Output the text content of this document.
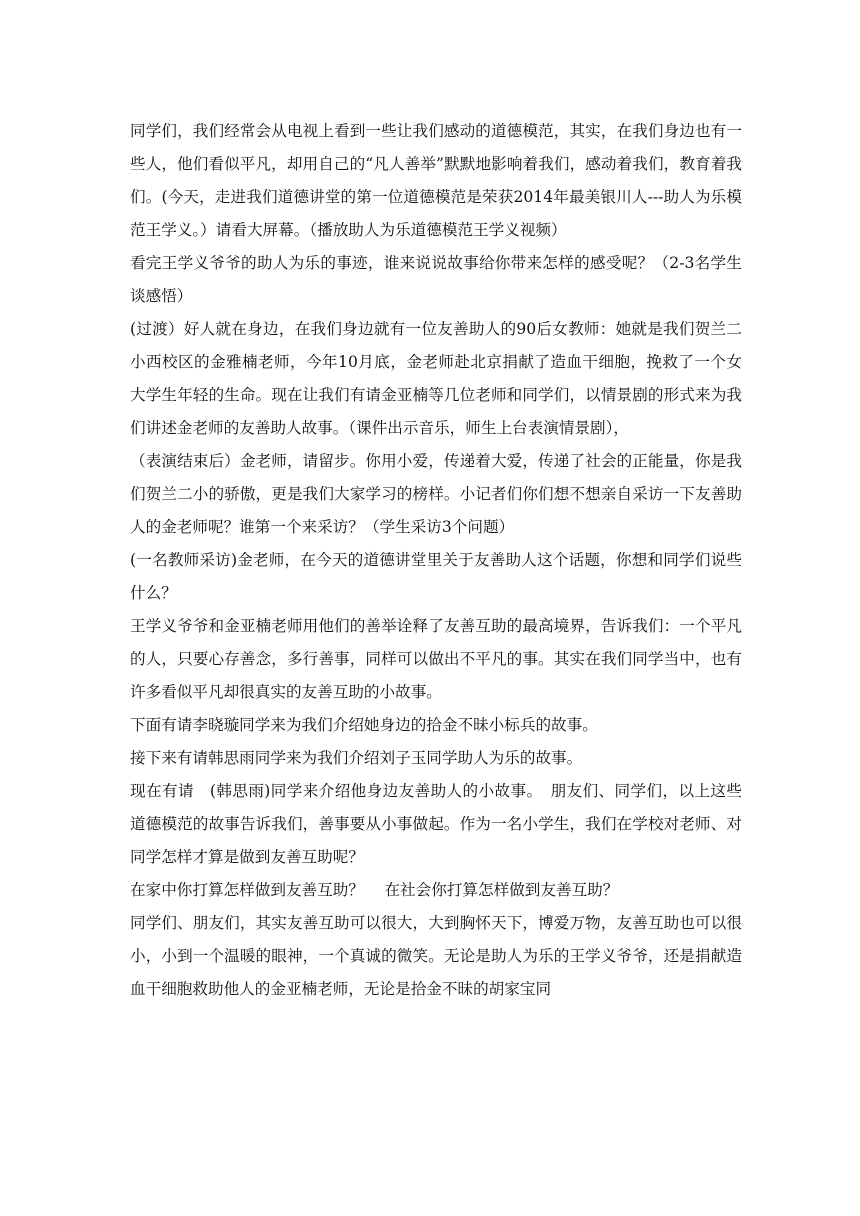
同学们，我们经常会从电视上看到一些让我们感动的道德模范，其实，在我们身边也有一些人，他们看似平凡，却用自己的“凡人善举”默默地影响着我们，感动着我们，教育着我们。(今天，走进我们道德讲堂的第一位道德模范是荣获2014年最美银川人---助人为乐模范王学义。）请看大屏幕。（播放助人为乐道德模范王学义视频）

看完王学义爷爷的助人为乐的事迹，谁来说说故事给你带来怎样的感受呢？（2-3名学生谈感悟）

(过渡）好人就在身边，在我们身边就有一位友善助人的90后女教师：她就是我们贺兰二小西校区的金雅楠老师，今年10月底，金老师赴北京捐献了造血干细胞，挽救了一个女大学生年轻的生命。现在让我们有请金亚楠等几位老师和同学们，以情景剧的形式来为我们讲述金老师的友善助人故事。（课件出示音乐，师生上台表演情景剧），

（表演结束后）金老师，请留步。你用小爱，传递着大爱，传递了社会的正能量，你是我们贺兰二小的骄傲，更是我们大家学习的榜样。小记者们你们想不想亲自采访一下友善助人的金老师呢？谁第一个来采访？（学生采访3个问题）

(一名教师采访)金老师，在今天的道德讲堂里关于友善助人这个话题，你想和同学们说些什么？

王学义爷爷和金亚楠老师用他们的善举诠释了友善互助的最高境界，告诉我们：一个平凡的人，只要心存善念，多行善事，同样可以做出不平凡的事。其实在我们同学当中，也有许多看似平凡却很真实的友善互助的小故事。

下面有请李晓璇同学来为我们介绍她身边的拾金不昧小标兵的故事。

接下来有请韩思雨同学来为我们介绍刘子玉同学助人为乐的故事。

现在有请　(韩思雨)同学来介绍他身边友善助人的小故事。　朋友们、同学们，以上这些道德模范的故事告诉我们，善事要从小事做起。作为一名小学生，我们在学校对老师、对同学怎样才算是做到友善互助呢？

在家中你打算怎样做到友善互助？　 在社会你打算怎样做到友善互助？

同学们、朋友们，其实友善互助可以很大，大到胸怀天下，博爱万物，友善互助也可以很小，小到一个温暖的眼神，一个真诚的微笑。无论是助人为乐的王学义爷爷，还是捐献造血干细胞救助他人的金亚楠老师，无论是拾金不昧的胡家宝同
